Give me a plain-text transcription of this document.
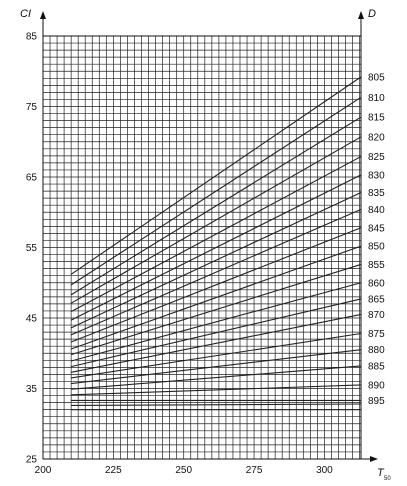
CI	D
T 50
25
35
45
55
65
75
85
200	225	250	275	300
805
810
815
820
825
830
835
840
845
850
855
860
865
870
875
880
885
890
895
